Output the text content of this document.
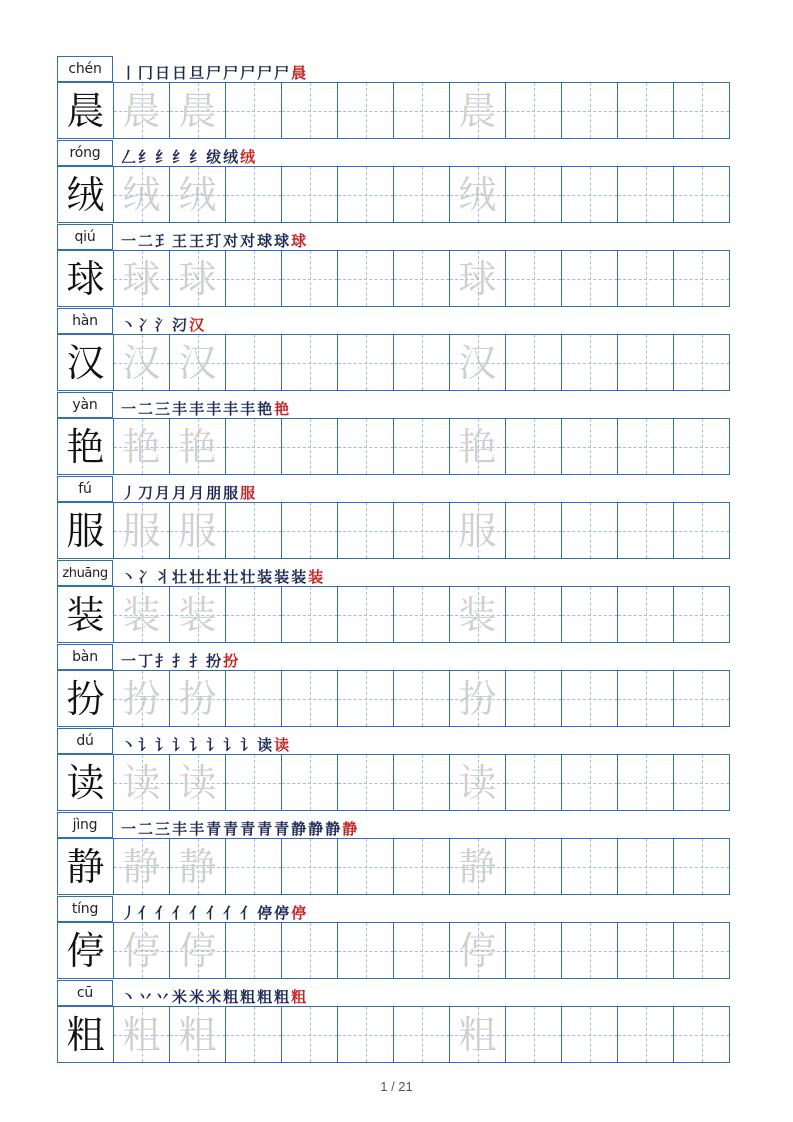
chén	丨 冂 日 日 旦 尸 尸 尸 尸 尸 晨
晨 晨 晨	晨
róng	𠃋 纟 纟 纟 纟 绂 绒 绒
绒 绒 绒	绒
qiú	一 二 𤣩 王 王 玎 对 对 球 球 球
球 球 球	球
hàn	丶 冫 氵 汈 汉
汉 汉 汉	汉
yàn	一 二 三 丰 丰 丰 丰 丰 艳 艳
艳 艳 艳	艳
fú	丿 刀 月 月 月 朋 服 服
服 服 服	服
zhuāng 丶 冫 丬 壮 壮 壮 壮 壮 装 装 装 装
装 装 装	装
bàn	一 丁 扌 扌 扌 扮 扮
扮 扮 扮	扮
dú	丶 讠 讠 讠 讠 讠 讠 讠 读 读
读 读 读	读
jìng	一 二 三 丰 丰 青 青 青 青 青 静 静 静 静
静 静 静	静
tíng	丿 亻 亻 亻 亻 亻 亻 亻 停 停 停
停 停 停	停
cū	丶 丷 丷 米 米 米 粗 粗 粗 粗 粗
粗 粗 粗	粗
1 / 21
